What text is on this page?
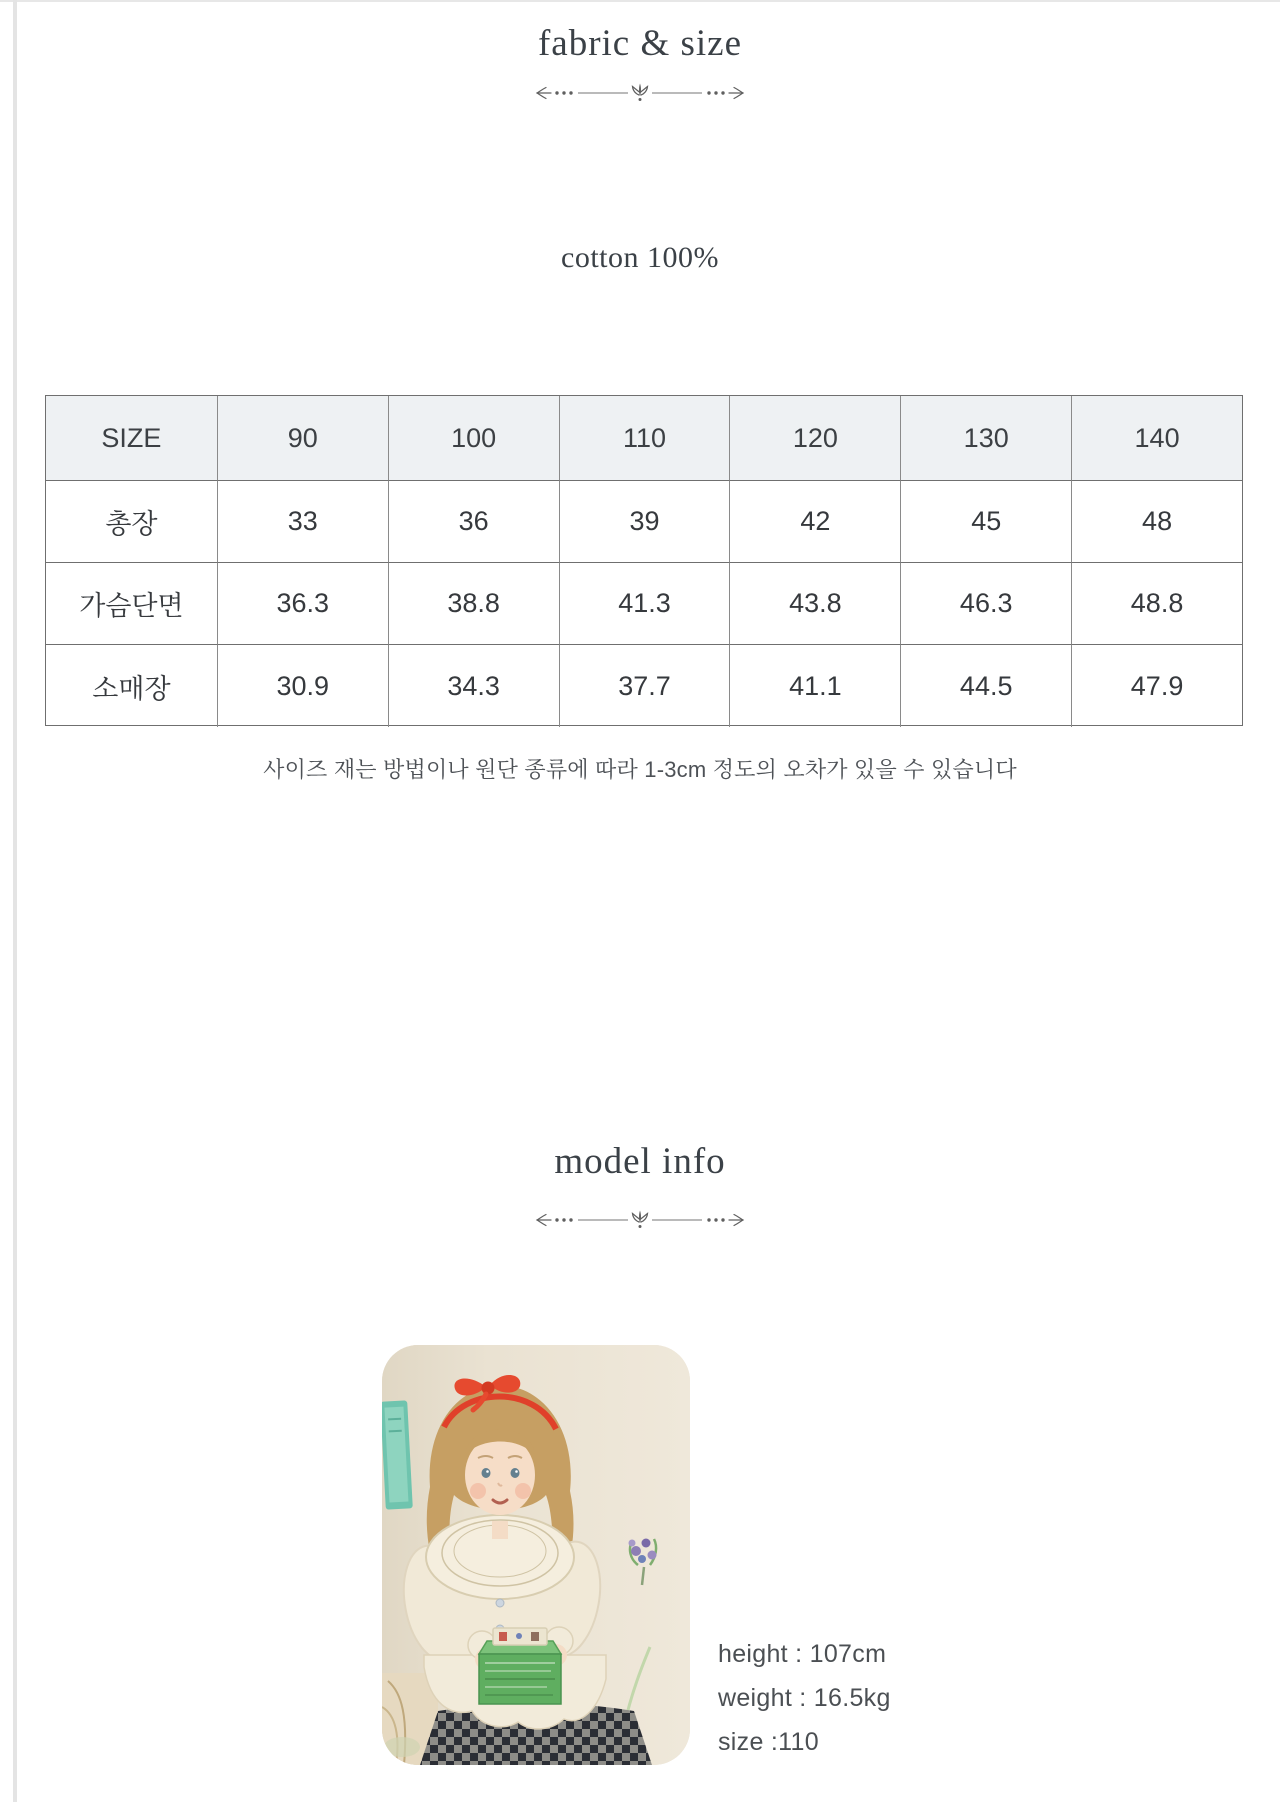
fabric & size
cotton 100%
SIZE	90	100	110	120	130	140
총장	33	36	39	42	45	48
가슴단면	36.3	38.8	41.3	43.8	46.3	48.8
소매장	30.9	34.3	37.7	41.1	44.5	47.9
사이즈 재는 방법이나 원단 종류에 따라 1-3cm 정도의 오차가 있을 수 있습니다
model info
height : 107cm
weight : 16.5kg
size :110
